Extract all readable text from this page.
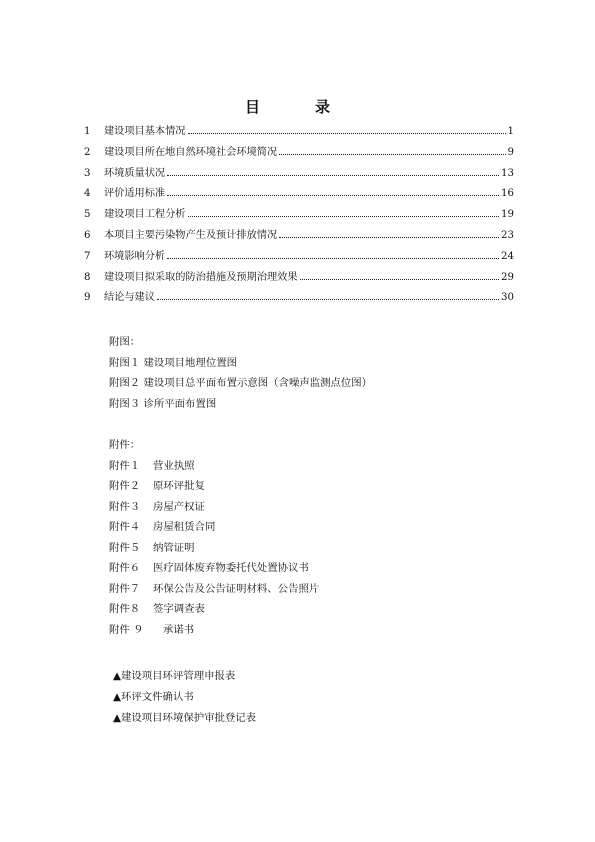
目　录
1	建设项目基本情况	1
2	建设项目所在地自然环境社会环境简况	9
3	环境质量状况	13
4	评价适用标准	16
5	建设项目工程分析	19
6	本项目主要污染物产生及预计排放情况	23
7	环境影响分析	24
8	建设项目拟采取的防治措施及预期治理效果	29
9	结论与建议	30
附图：
附图１ 建设项目地理位置图
附图２ 建设项目总平面布置示意图（含噪声监测点位图）
附图３ 诊所平面布置图
附件：
附件１ 营业执照
附件２ 原环评批复
附件３ 房屋产权证
附件４ 房屋租赁合同
附件５ 纳管证明
附件６ 医疗固体废弃物委托代处置协议书
附件７ 环保公告及公告证明材料、公告照片
附件８ 签字调查表
附件 ９ 承诺书
▲建设项目环评管理申报表
▲环评文件确认书
▲建设项目环境保护审批登记表
